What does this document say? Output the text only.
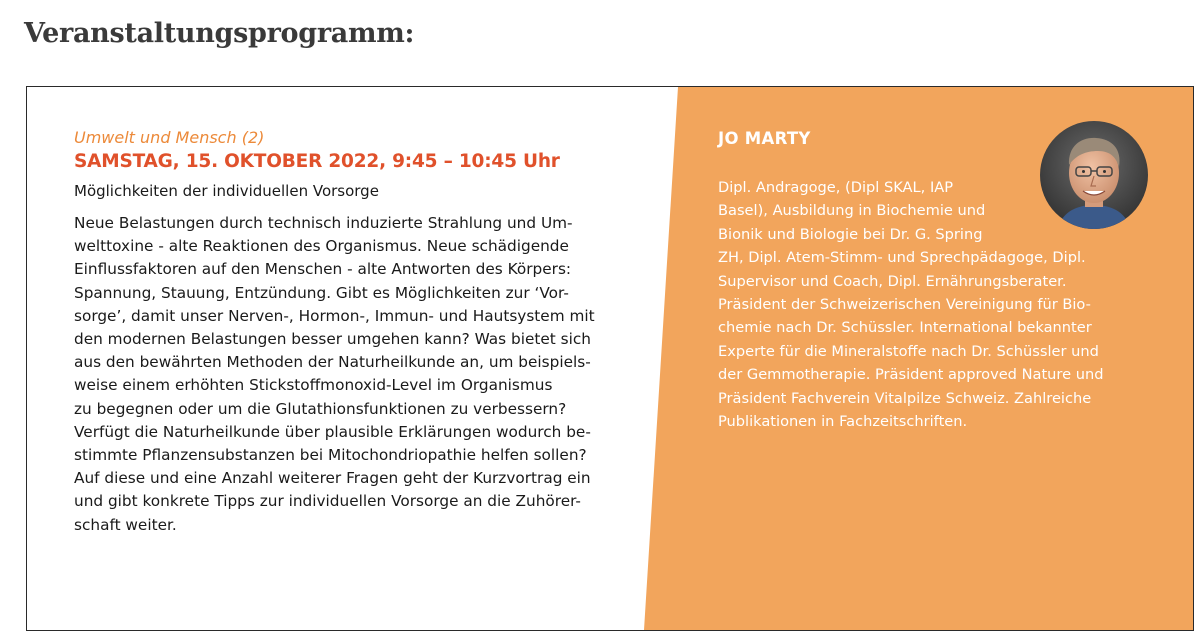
Veranstaltungsprogramm:

Umwelt und Mensch (2)

SAMSTAG, 15. OKTOBER 2022, 9:45 – 10:45 Uhr

Möglichkeiten der individuellen Vorsorge

Neue Belastungen durch technisch induzierte Strahlung und Um-
welttoxine - alte Reaktionen des Organismus. Neue schädigende
Einflussfaktoren auf den Menschen - alte Antworten des Körpers:
Spannung, Stauung, Entzündung. Gibt es Möglichkeiten zur ‘Vor-
sorge’, damit unser Nerven-, Hormon-, Immun- und Hautsystem mit
den modernen Belastungen besser umgehen kann? Was bietet sich
aus den bewährten Methoden der Naturheilkunde an, um beispiels-
weise einem erhöhten Stickstoffmonoxid-Level im Organismus
zu begegnen oder um die Glutathionsfunktionen zu verbessern?
Verfügt die Naturheilkunde über plausible Erklärungen wodurch be-
stimmte Pflanzensubstanzen bei Mitochondriopathie helfen sollen?
Auf diese und eine Anzahl weiterer Fragen geht der Kurzvortrag ein
und gibt konkrete Tipps zur individuellen Vorsorge an die Zuhörer-
schaft weiter.

JO MARTY

Dipl. Andragoge, (Dipl SKAL, IAP
Basel), Ausbildung in Biochemie und
Bionik und Biologie bei Dr. G. Spring
ZH, Dipl. Atem-Stimm- und Sprechpädagoge, Dipl.
Supervisor und Coach, Dipl. Ernährungsberater.
Präsident der Schweizerischen Vereinigung für Bio-
chemie nach Dr. Schüssler. International bekannter
Experte für die Mineralstoffe nach Dr. Schüssler und
der Gemmotherapie. Präsident approved Nature und
Präsident Fachverein Vitalpilze Schweiz. Zahlreiche
Publikationen in Fachzeitschriften.
